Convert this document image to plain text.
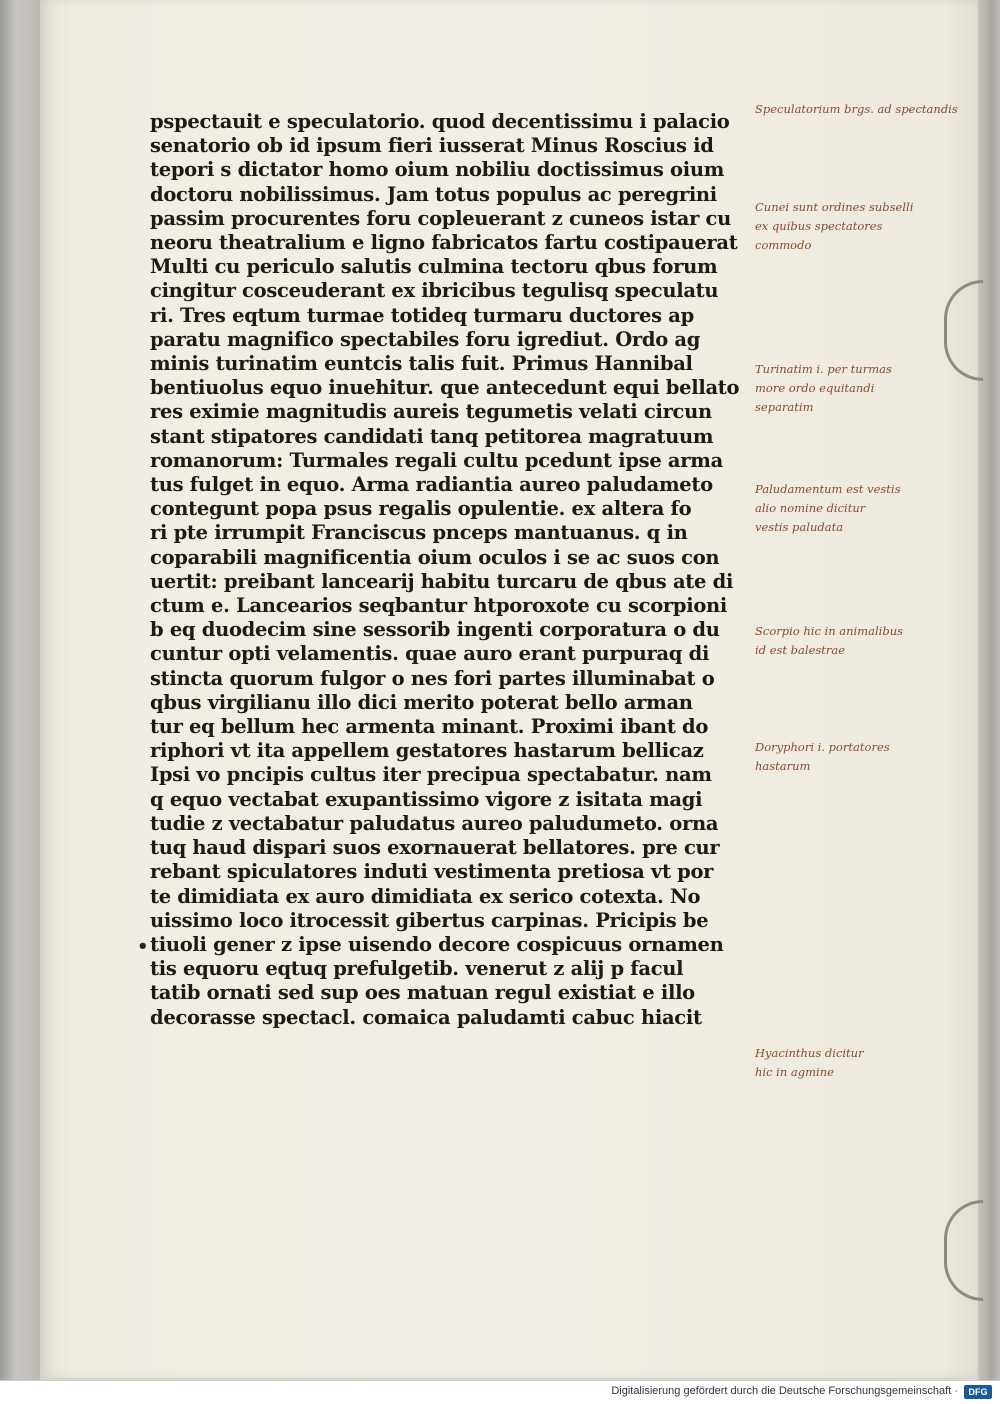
pspectauit e speculatorio. quod decentissimu i palacio
senatorio ob id ipsum fieri iusserat Minus Roscius id
tepori s dictator homo oium nobiliu doctissimus oium
doctoru nobilissimus. Jam totus populus ac peregrini
passim procurentes foru copleuerant z cuneos istar cu
neoru theatralium e ligno fabricatos fartu costipauerat
Multi cu periculo salutis culmina tectoru qbus forum
cingitur cosceuderant ex ibricibus tegulisq speculatu
ri. Tres eqtum turmae totideq turmaru ductores ap
paratu magnifico spectabiles foru igrediut. Ordo ag
minis turinatim euntcis talis fuit. Primus Hannibal
bentiuolus equo inuehitur. que antecedunt equi bellato
res eximie magnitudis aureis tegumetis velati circun
stant stipatores candidati tanq petitorea magratuum
romanorum: Turmales regali cultu pcedunt ipse arma
tus fulget in equo. Arma radiantia aureo paludameto
contegunt popa psus regalis opulentie. ex altera fo
ri pte irrumpit Franciscus pnceps mantuanus. q in
coparabili magnificentia oium oculos i se ac suos con
uertit: preibant lancearij habitu turcaru de qbus ate di
ctum e. Lancearios seqbantur htporoxote cu scorpioni
b eq duodecim sine sessorib ingenti corporatura o du
cuntur opti velamentis. quae auro erant purpuraq di
stincta quorum fulgor o nes fori partes illuminabat o
qbus virgilianu illo dici merito poterat bello arman
tur eq bellum hec armenta minant. Proximi ibant do
riphori vt ita appellem gestatores hastarum bellicaz
Ipsi vo pncipis cultus iter precipua spectabatur. nam
q equo vectabat exupantissimo vigore z isitata magi
tudie z vectabatur paludatus aureo paludumeto. orna
tuq haud dispari suos exornauerat bellatores. pre cur
rebant spiculatores induti vestimenta pretiosa vt por
te dimidiata ex auro dimidiata ex serico cotexta. No
uissimo loco itrocessit gibertus carpinas. Pricipis be
tiuoli gener z ipse uisendo decore cospicuus ornamen
tis equoru eqtuq prefulgetib. venerut z alij p facul
tatib ornati sed sup oes matuan regul existiat e illo
decorasse spectacl. comaica paludamti cabuc hiacit
•
Speculatorium brgs. ad spectandis
Cunei sunt ordines subselli
ex quibus spectatores
commodo
Turinatim i. per turmas
more ordo equitandi
separatim
Paludamentum est vestis
alio nomine dicitur
vestis paludata
Scorpio hic in animalibus
id est balestrae
Doryphori i. portatores
hastarum
Hyacinthus dicitur
hic in agmine
Digitalisierung gefördert durch die Deutsche Forschungsgemeinschaft ·	DFG
